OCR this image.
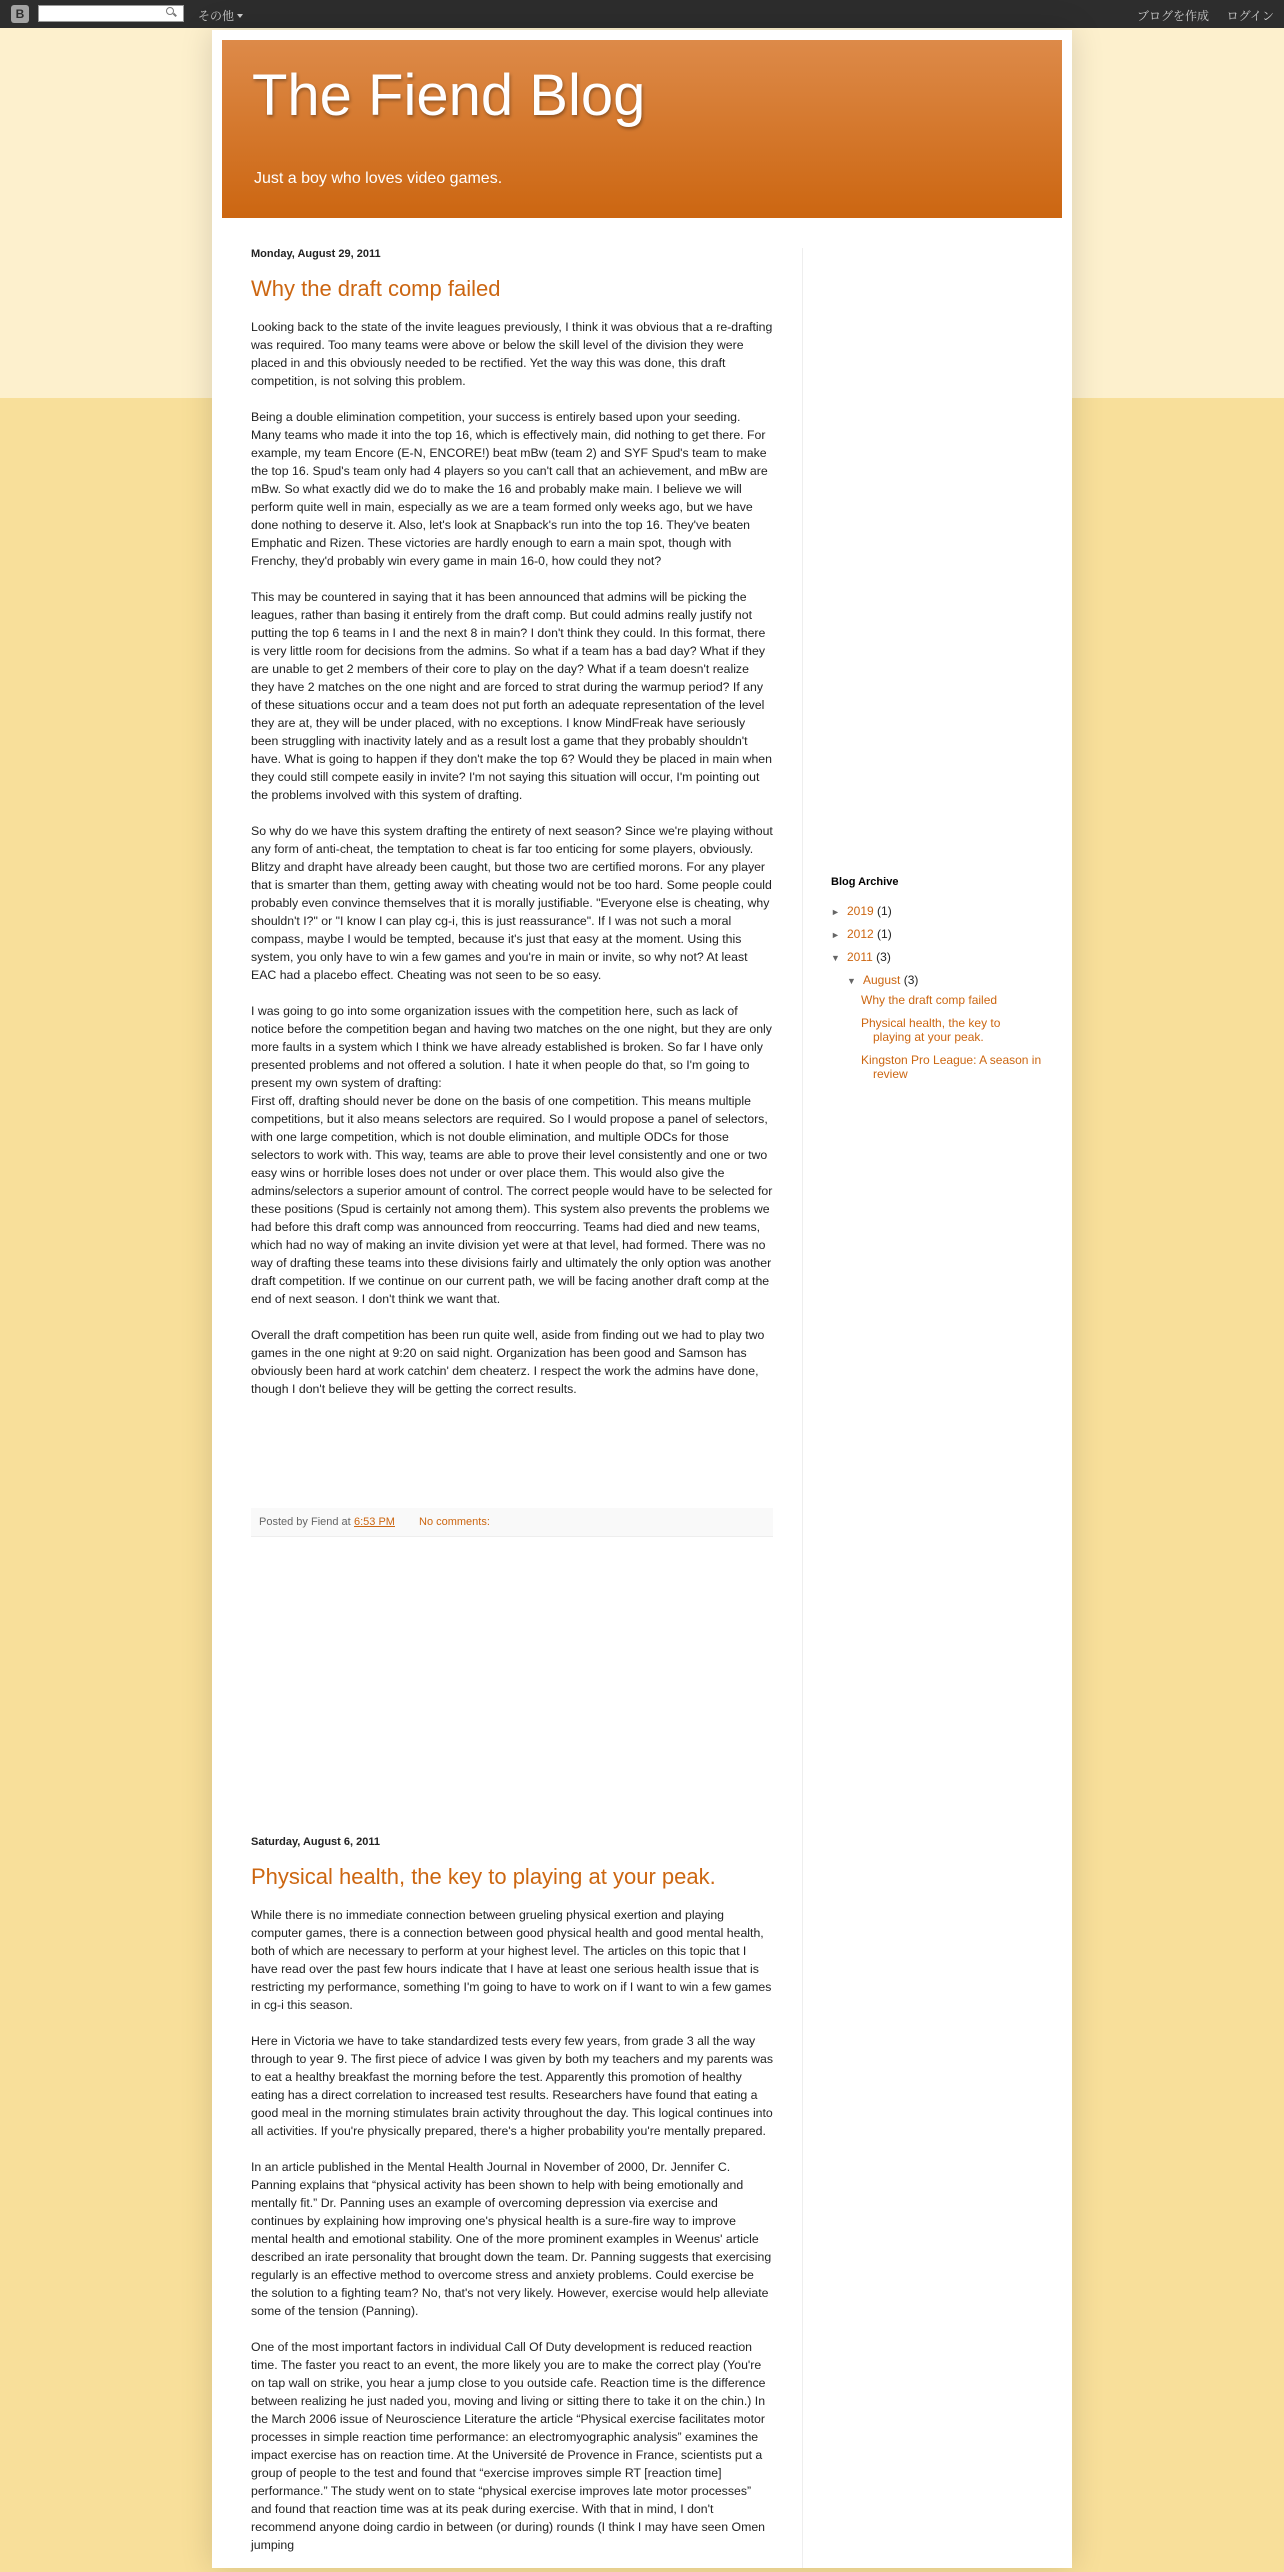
B	その他	ブログを作成 ログイン
The Fiend Blog
Just a boy who loves video games.
Monday, August 29, 2011
Why the draft comp failed

Looking back to the state of the invite leagues previously, I think it was obvious that a re-drafting was required. Too many teams were above or below the skill level of the division they were placed in and this obviously needed to be rectified. Yet the way this was done, this draft competition, is not solving this problem.

Being a double elimination competition, your success is entirely based upon your seeding. Many teams who made it into the top 16, which is effectively main, did nothing to get there. For example, my team Encore (E-N, ENCORE!) beat mBw (team 2) and SYF Spud's team to make the top 16. Spud's team only had 4 players so you can't call that an achievement, and mBw are mBw. So what exactly did we do to make the 16 and probably make main. I believe we will perform quite well in main, especially as we are a team formed only weeks ago, but we have done nothing to deserve it. Also, let's look at Snapback's run into the top 16. They've beaten Emphatic and Rizen. These victories are hardly enough to earn a main spot, though with Frenchy, they'd probably win every game in main 16-0, how could they not?

This may be countered in saying that it has been announced that admins will be picking the leagues, rather than basing it entirely from the draft comp. But could admins really justify not putting the top 6 teams in I and the next 8 in main? I don't think they could. In this format, there is very little room for decisions from the admins. So what if a team has a bad day? What if they are unable to get 2 members of their core to play on the day? What if a team doesn't realize they have 2 matches on the one night and are forced to strat during the warmup period? If any of these situations occur and a team does not put forth an adequate representation of the level they are at, they will be under placed, with no exceptions. I know MindFreak have seriously been struggling with inactivity lately and as a result lost a game that they probably shouldn't have. What is going to happen if they don't make the top 6? Would they be placed in main when they could still compete easily in invite? I'm not saying this situation will occur, I'm pointing out the problems involved with this system of drafting.

So why do we have this system drafting the entirety of next season? Since we're playing without any form of anti-cheat, the temptation to cheat is far too enticing for some players, obviously. Blitzy and drapht have already been caught, but those two are certified morons. For any player that is smarter than them, getting away with cheating would not be too hard. Some people could probably even convince themselves that it is morally justifiable. "Everyone else is cheating, why shouldn't I?" or "I know I can play cg-i, this is just reassurance". If I was not such a moral compass, maybe I would be tempted, because it's just that easy at the moment. Using this system, you only have to win a few games and you're in main or invite, so why not? At least EAC had a placebo effect. Cheating was not seen to be so easy.

I was going to go into some organization issues with the competition here, such as lack of notice before the competition began and having two matches on the one night, but they are only more faults in a system which I think we have already established is broken. So far I have only presented problems and not offered a solution. I hate it when people do that, so I'm going to present my own system of drafting:
First off, drafting should never be done on the basis of one competition. This means multiple competitions, but it also means selectors are required. So I would propose a panel of selectors, with one large competition, which is not double elimination, and multiple ODCs for those selectors to work with. This way, teams are able to prove their level consistently and one or two easy wins or horrible loses does not under or over place them. This would also give the admins/selectors a superior amount of control. The correct people would have to be selected for these positions (Spud is certainly not among them). This system also prevents the problems we had before this draft comp was announced from reoccurring. Teams had died and new teams, which had no way of making an invite division yet were at that level, had formed. There was no way of drafting these teams into these divisions fairly and ultimately the only option was another draft competition. If we continue on our current path, we will be facing another draft comp at the end of next season. I don't think we want that.

Overall the draft competition has been run quite well, aside from finding out we had to play two games in the one night at 9:20 on said night. Organization has been good and Samson has obviously been hard at work catchin' dem cheaterz. I respect the work the admins have done, though I don't believe they will be getting the correct results.

Posted by Fiend at 6:53 PM No comments:
Saturday, August 6, 2011
Physical health, the key to playing at your peak.

While there is no immediate connection between grueling physical exertion and playing computer games, there is a connection between good physical health and good mental health, both of which are necessary to perform at your highest level. The articles on this topic that I have read over the past few hours indicate that I have at least one serious health issue that is restricting my performance, something I'm going to have to work on if I want to win a few games in cg-i this season.

Here in Victoria we have to take standardized tests every few years, from grade 3 all the way through to year 9. The first piece of advice I was given by both my teachers and my parents was to eat a healthy breakfast the morning before the test. Apparently this promotion of healthy eating has a direct correlation to increased test results. Researchers have found that eating a good meal in the morning stimulates brain activity throughout the day. This logical continues into all activities. If you're physically prepared, there's a higher probability you're mentally prepared.

In an article published in the Mental Health Journal in November of 2000, Dr. Jennifer C. Panning explains that “physical activity has been shown to help with being emotionally and mentally fit.” Dr. Panning uses an example of overcoming depression via exercise and continues by explaining how improving one's physical health is a sure-fire way to improve mental health and emotional stability. One of the more prominent examples in Weenus' article described an irate personality that brought down the team. Dr. Panning suggests that exercising regularly is an effective method to overcome stress and anxiety problems. Could exercise be the solution to a fighting team? No, that's not very likely. However, exercise would help alleviate some of the tension (Panning).

One of the most important factors in individual Call Of Duty development is reduced reaction time. The faster you react to an event, the more likely you are to make the correct play (You're on tap wall on strike, you hear a jump close to you outside cafe. Reaction time is the difference between realizing he just naded you, moving and living or sitting there to take it on the chin.) In the March 2006 issue of Neuroscience Literature the article “Physical exercise facilitates motor processes in simple reaction time performance: an electromyographic analysis” examines the impact exercise has on reaction time. At the Université de Provence in France, scientists put a group of people to the test and found that “exercise improves simple RT [reaction time] performance.” The study went on to state “physical exercise improves late motor processes” and found that reaction time was at its peak during exercise. With that in mind, I don't recommend anyone doing cardio in between (or during) rounds (I think I may have seen Omen jumping

Blog Archive
► 2019 (1)
► 2012 (1)
▼ 2011 (3)
▼ August (3)
Why the draft comp failed
Physical health, the key to playing at your peak.
Kingston Pro League: A season in review
